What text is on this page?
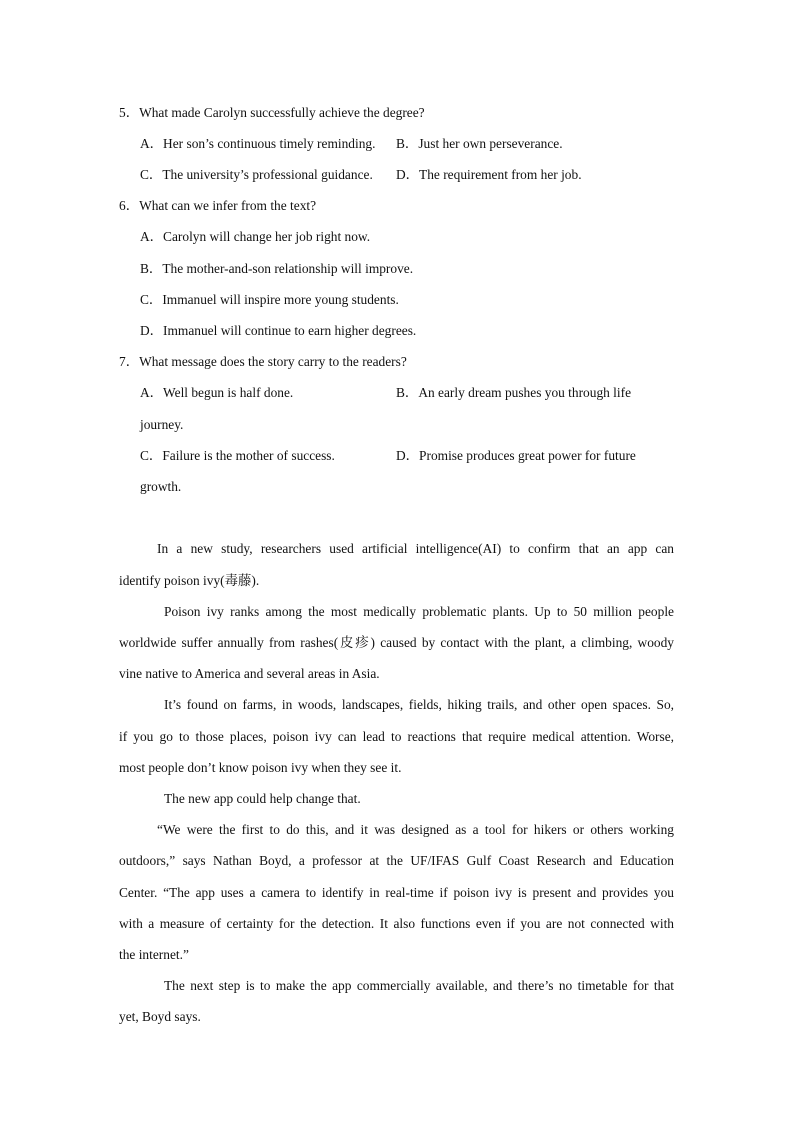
5．What made Carolyn successfully achieve the degree?
A．Her son’s continuous timely reminding. B．Just her own perseverance.
C．The university’s professional guidance. D．The requirement from her job.
6．What can we infer from the text?
A．Carolyn will change her job right now.
B．The mother-and-son relationship will improve.
C．Immanuel will inspire more young students.
D．Immanuel will continue to earn higher degrees.
7．What message does the story carry to the readers?
A．Well begun is half done.	B．An early dream pushes you through life
journey.
C．Failure is the mother of success.	D．Promise produces great power for future
growth.
In a new study, researchers used artificial intelligence(AI) to confirm that an app can
identify poison ivy(毒藤).
Poison ivy ranks among the most medically problematic plants. Up to 50 million people
worldwide suffer annually from rashes(皮疹) caused by contact with the plant, a climbing, woody
vine native to America and several areas in Asia.
It’s found on farms, in woods, landscapes, fields, hiking trails, and other open spaces. So,
if you go to those places, poison ivy can lead to reactions that require medical attention. Worse,
most people don’t know poison ivy when they see it.
The new app could help change that.
“We were the first to do this, and it was designed as a tool for hikers or others working
outdoors,” says Nathan Boyd, a professor at the UF/IFAS Gulf Coast Research and Education
Center. “The app uses a camera to identify in real-time if poison ivy is present and provides you
with a measure of certainty for the detection. It also functions even if you are not connected with
the internet.”
The next step is to make the app commercially available, and there’s no timetable for that
yet, Boyd says.
